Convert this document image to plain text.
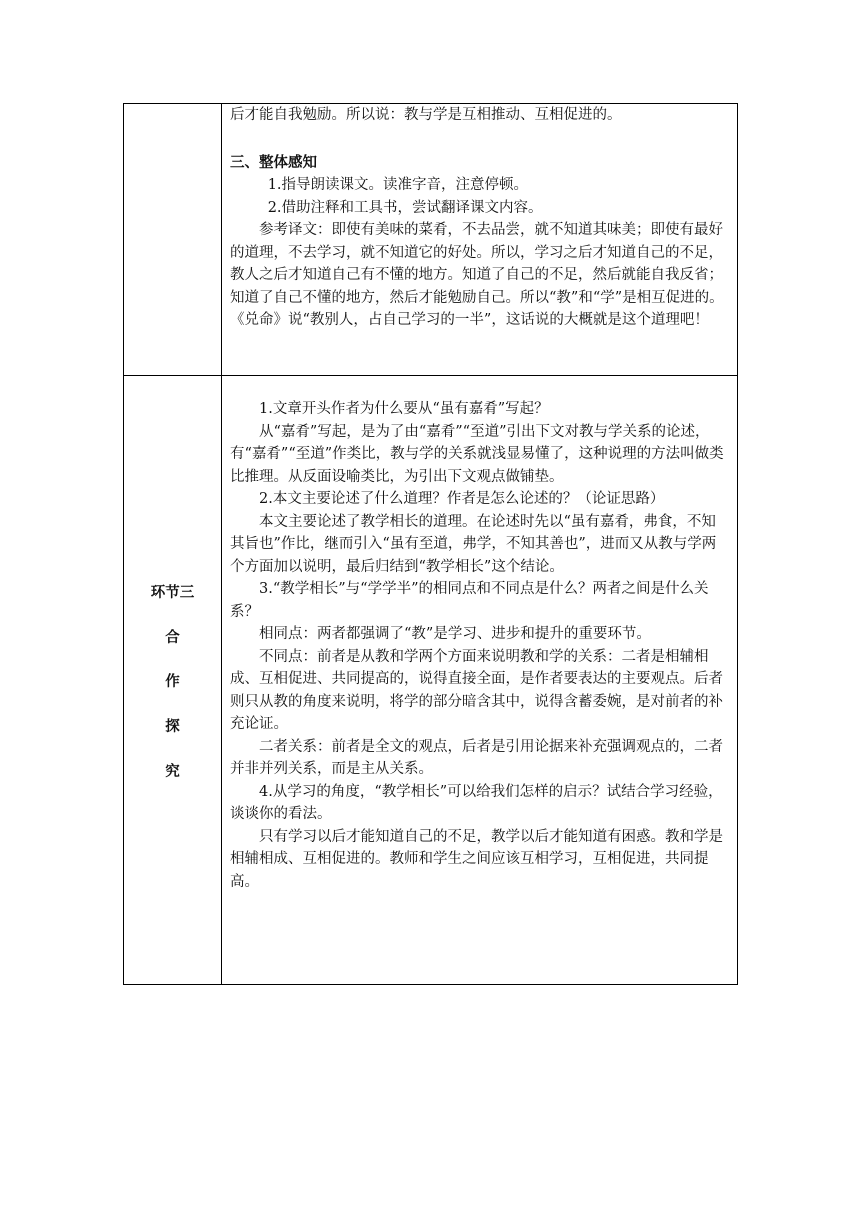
后才能自我勉励。所以说：教与学是互相推动、互相促进的。

三、整体感知

1.指导朗读课文。读准字音，注意停顿。

2.借助注释和工具书，尝试翻译课文内容。

参考译文：即使有美味的菜肴，不去品尝，就不知道其味美；即使有最好的道理，不去学习，就不知道它的好处。所以，学习之后才知道自己的不足，教人之后才知道自己有不懂的地方。知道了自己的不足，然后就能自我反省；知道了自己不懂的地方，然后才能勉励自己。所以“教”和“学”是相互促进的。《兑命》说“教别人，占自己学习的一半”，这话说的大概就是这个道理吧！

环节三
合
作
探
究

1.文章开头作者为什么要从“虽有嘉肴”写起？

从“嘉肴”写起，是为了由“嘉肴”“至道”引出下文对教与学关系的论述，有“嘉肴”“至道”作类比，教与学的关系就浅显易懂了，这种说理的方法叫做类比推理。从反面设喻类比，为引出下文观点做铺垫。

2.本文主要论述了什么道理？作者是怎么论述的？（论证思路）

本文主要论述了教学相长的道理。在论述时先以“虽有嘉肴，弗食，不知其旨也”作比，继而引入“虽有至道，弗学，不知其善也”，进而又从教与学两个方面加以说明，最后归结到“教学相长”这个结论。

3.“教学相长”与“学学半”的相同点和不同点是什么？两者之间是什么关系？

相同点：两者都强调了“教”是学习、进步和提升的重要环节。

不同点：前者是从教和学两个方面来说明教和学的关系：二者是相辅相成、互相促进、共同提高的，说得直接全面，是作者要表达的主要观点。后者则只从教的角度来说明，将学的部分暗含其中，说得含蓄委婉，是对前者的补充论证。

二者关系：前者是全文的观点，后者是引用论据来补充强调观点的，二者并非并列关系，而是主从关系。

4.从学习的角度，“教学相长”可以给我们怎样的启示？试结合学习经验，谈谈你的看法。

只有学习以后才能知道自己的不足，教学以后才能知道有困惑。教和学是相辅相成、互相促进的。教师和学生之间应该互相学习，互相促进，共同提高。
